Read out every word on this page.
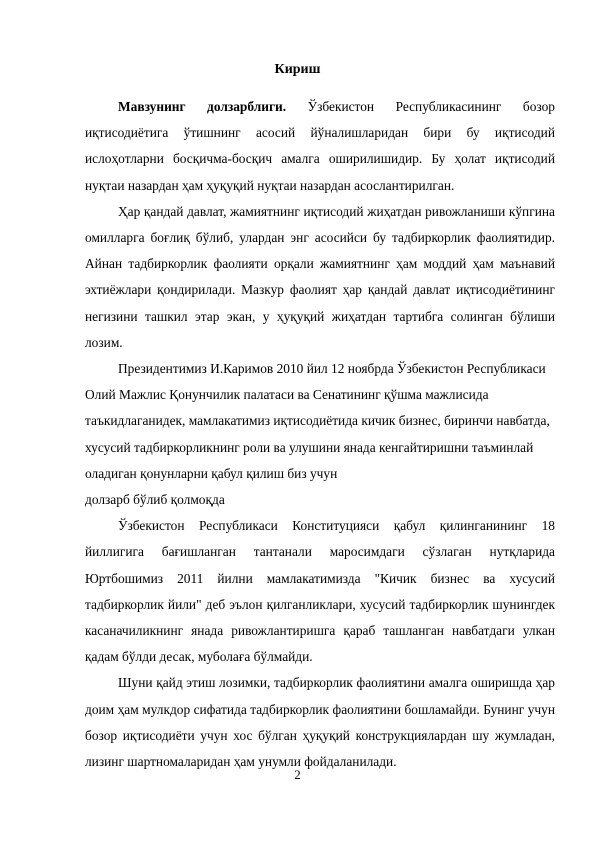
Кириш

Мавзунинг долзарблиги. Ўзбекистон Республикасининг бозор иқтисодиётига ўтишнинг асосий йўналишларидан бири бу иқтисодий ислоҳотларни босқичма-босқич амалга оширилишидир. Бу ҳолат иқтисодий нуқтаи назардан ҳам ҳуқуқий нуқтаи назардан асослантирилган.

Ҳар қандай давлат, жамиятнинг иқтисодий жиҳатдан ривожланиши кўпгина омилларга боғлиқ бўлиб, улардан энг асосийси бу тадбиркорлик фаолиятидир. Айнан тадбиркорлик фаолияти орқали жамиятнинг ҳам моддий ҳам маънавий эхтиёжлари қондирилади. Мазкур фаолият ҳар қандай давлат иқтисодиётининг негизини ташкил этар экан, у ҳуқуқий жиҳатдан тартибга солинган бўлиши лозим.

Президентимиз И.Каримов 2010 йил 12 ноябрда Ўзбекистон Республикаси Олий Мажлис Қонунчилик палатаси ва Сенатининг қўшма мажлисида таъкидлаганидек, мамлакатимиз иқтисодиётида кичик бизнес, биринчи навбатда, хусусий тадбиркорликнинг роли ва улушини янада кенгайтиришни таъминлай оладиган қонунларни қабул қилиш биз учун
долзарб бўлиб қолмоқда

Ўзбекистон Республикаси Конституцияси қабул қилинганининг 18 йиллигига бағишланган тантанали маросимдаги сўзлаган нутқларида Юртбошимиз 2011 йилни мамлакатимизда "Кичик бизнес ва хусусий тадбиркорлик йили" деб эълон қилганликлари, хусусий тадбиркорлик шунингдек касаначиликнинг янада ривожлантиришга қараб ташланган навбатдаги улкан қадам бўлди десак, муболаға бўлмайди.

Шуни қайд этиш лозимки, тадбиркорлик фаолиятини амалга оширишда ҳар доим ҳам мулкдор сифатида тадбиркорлик фаолиятини бошламайди. Бунинг учун бозор иқтисодиёти учун хос бўлган ҳуқуқий конструкциялардан шу жумладан, лизинг шартномаларидан ҳам унумли фойдаланилади.

2
